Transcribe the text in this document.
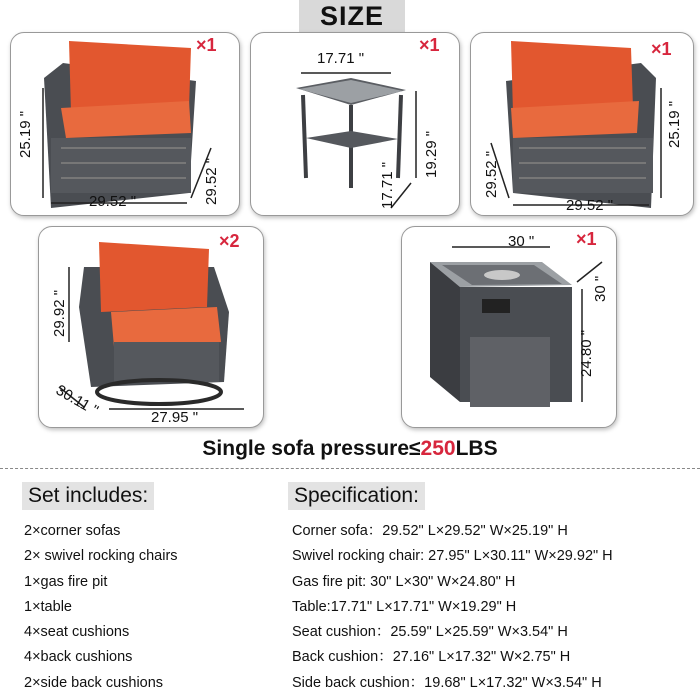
SIZE
×1
25.19 "
29.52 "	29.52 "
×1
17.71 "
19.29 "
17.71 "
×1
25.19 "
29.52 "
29.52 "
×2
29.92 "
30.11 "	27.95 "
×1
30 "
30 "
24.80 "
Single sofa pressure≤250LBS
Set includes:
2×corner sofas
2× swivel rocking chairs
1×gas fire pit
1×table
4×seat cushions
4×back cushions
2×side back cushions
Specification:
Corner sofa：29.52" L×29.52" W×25.19" H
Swivel rocking chair: 27.95" L×30.11" W×29.92" H
Gas fire pit: 30" L×30" W×24.80" H
Table:17.71" L×17.71" W×19.29" H
Seat cushion：25.59" L×25.59" W×3.54" H
Back cushion：27.16" L×17.32" W×2.75" H
Side back cushion：19.68" L×17.32" W×3.54" H
